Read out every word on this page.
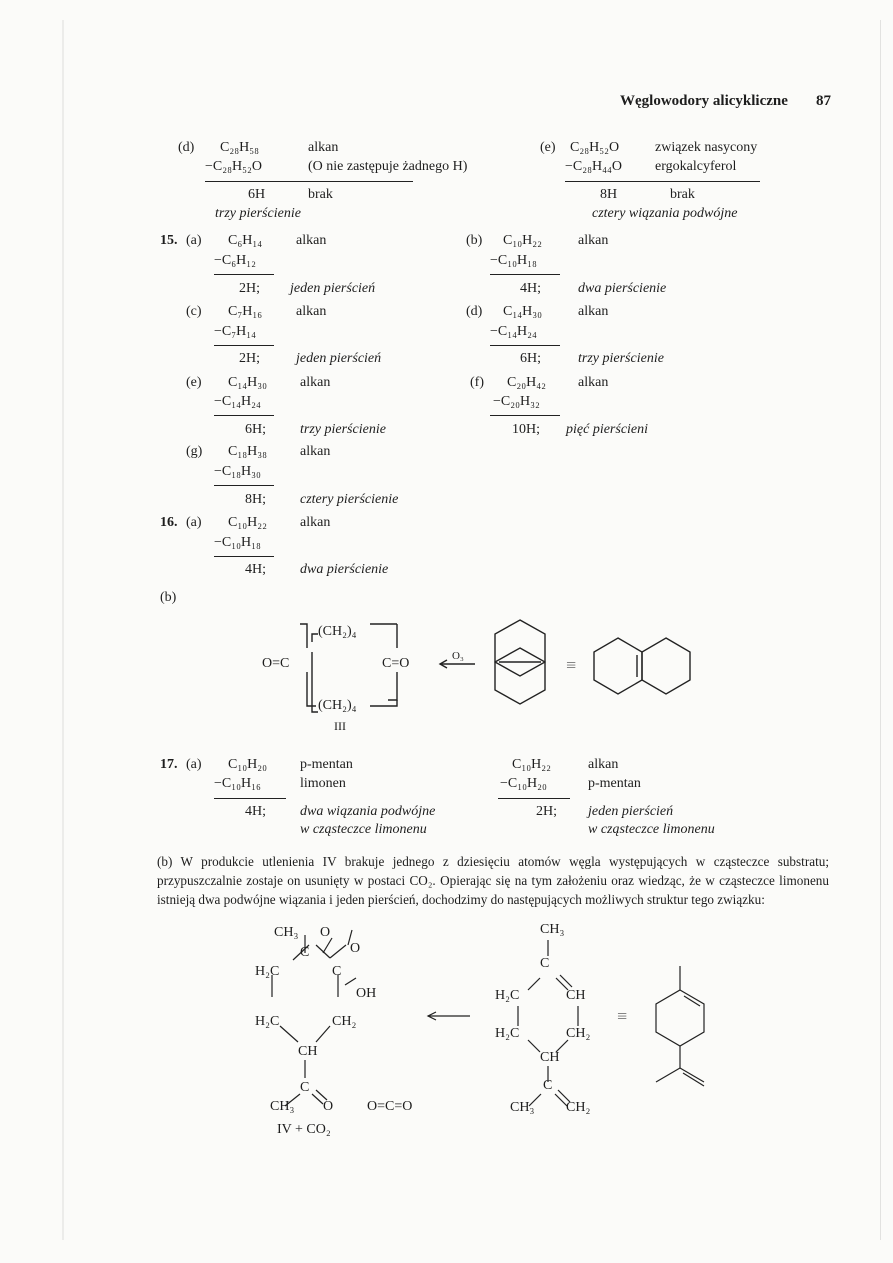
Węglowodory alicykliczne 87
(d) C₂₈H₅₈	alkan
−C₂₈H₅₂O	(O nie zastępuje żadnego H)
6H	brak
trzy pierścienie
(e) C₂₈H₅₂O	związek nasycony
−C₂₈H₄₄O ergokalcyferol
8H	brak
cztery wiązania podwójne
15. (a) C₆H₁₄ alkan
−C₆H₁₂
2H; jeden pierścień
(b) C₁₀H₂₂	alkan
−C₁₀H₁₈
4H;	dwa pierścienie
(c) C₇H₁₆ alkan
−C₇H₁₄
2H;	jeden pierścień
(d) C₁₄H₃₀	alkan
−C₁₄H₂₄
6H;	trzy pierścienie
(e) C₁₄H₃₀ alkan
−C₁₄H₂₄
6H; trzy pierścienie
(f) C₂₀H₄₂ alkan
−C₂₀H₃₂
10H; pięć pierścieni
(g) C₁₈H₃₈ alkan
−C₁₈H₃₀
8H; cztery pierścienie
16. (a) C₁₀H₂₂ alkan
−C₁₀H₁₈
4H; dwa pierścienie
(b)
(CH₂)₄
(CH₂)₄
O=C	C=O
III
O₃	≡
17. (a) C₁₀H₂₀ p-mentan
−C₁₀H₁₆	limonen
4H; dwa wiązania podwójne
w cząsteczce limonenu
C₁₀H₂₂	alkan
−C₁₀H₂₀	p-mentan
2H; jeden pierścień
w cząsteczce limonenu

(b) W produkcie utlenienia IV brakuje jednego z dziesięciu atomów węgla występujących w cząsteczce substratu; przypuszczalnie zostaje on usunięty w postaci CO₂. Opierając się na tym założeniu oraz wiedząc, że w cząsteczce limonenu istnieją dwa podwójne wiązania i jeden pierścień, dochodzimy do następujących możliwych struktur tego związku:

CH₃ O
C	O
H₂C	C
OH
H₂C	CH₂
CH
C
CH₃ O
IV + CO₂
O=C=O
CH₃
C
H₂C	CH
H₂C	CH₂
CH
C
CH₃ CH₂
≡
